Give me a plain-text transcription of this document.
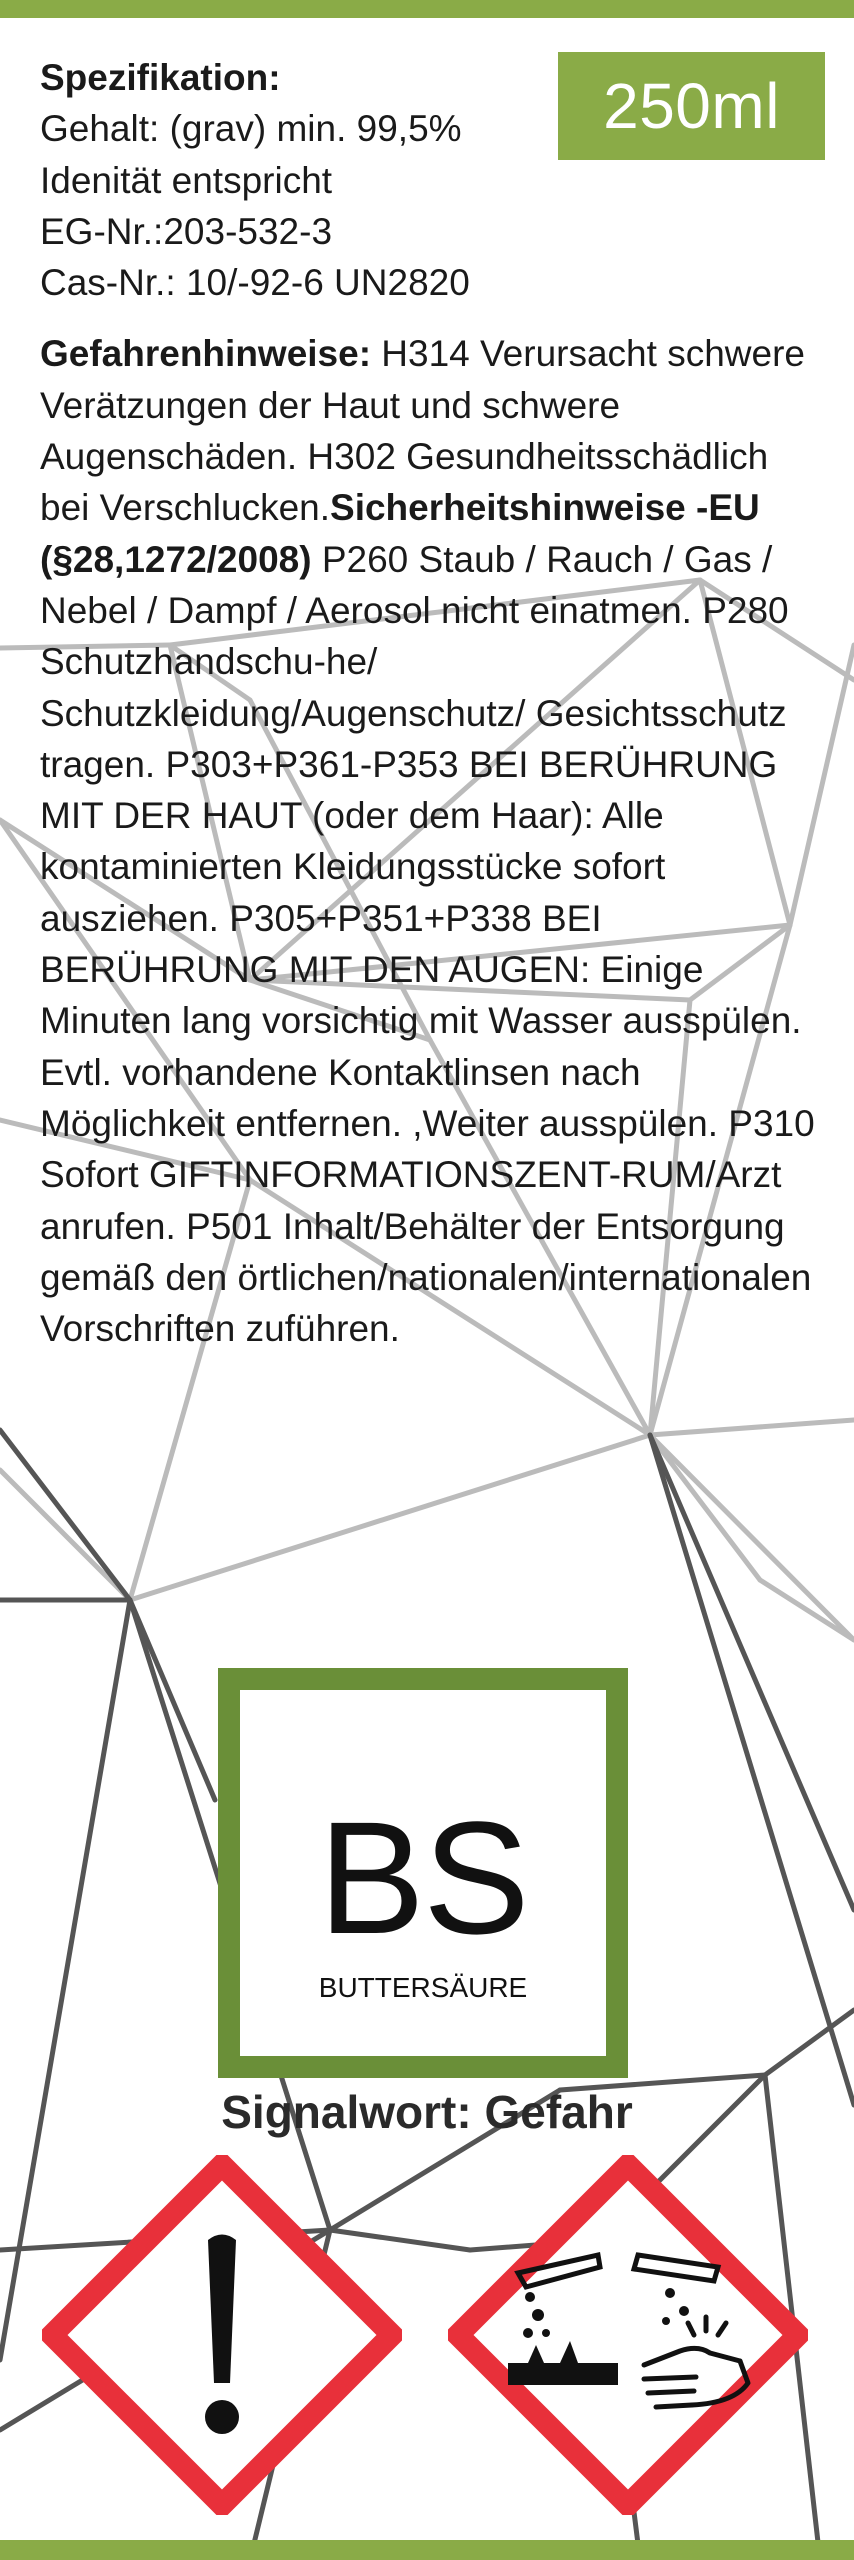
250ml
Spezifikation:
Gehalt: (grav) min. 99,5%
Idenität entspricht
EG-Nr.:203-532-3
Cas-Nr.: 10/-92-6 UN2820
Gefahrenhinweise: H314 Verursacht schwere Verätzungen der Haut und schwere Augenschäden. H302 Gesundheitsschädlich bei Verschlucken.Sicherheitshinweise -EU (§28,1272/2008) P260 Staub / Rauch / Gas / Nebel / Dampf / Aerosol nicht einatmen. P280 Schutzhandschu-he/ Schutzkleidung/Augenschutz/ Gesichtsschutz tragen. P303+P361-P353 BEI BERÜHRUNG MIT DER HAUT (oder dem Haar): Alle kontaminierten Kleidungsstücke sofort ausziehen. P305+P351+P338 BEI BERÜHRUNG MIT DEN AUGEN: Einige Minuten lang vorsichtig mit Wasser ausspülen. Evtl. vorhandene Kontaktlinsen nach Möglichkeit entfernen. ,Weiter ausspülen. P310 Sofort GIFTINFORMATIONSZENT-RUM/Arzt anrufen. P501 Inhalt/Behälter der Entsorgung gemäß den örtlichen/nationalen/internationalen Vorschriften zuführen.
BS
BUTTERSÄURE
Signalwort: Gefahr
